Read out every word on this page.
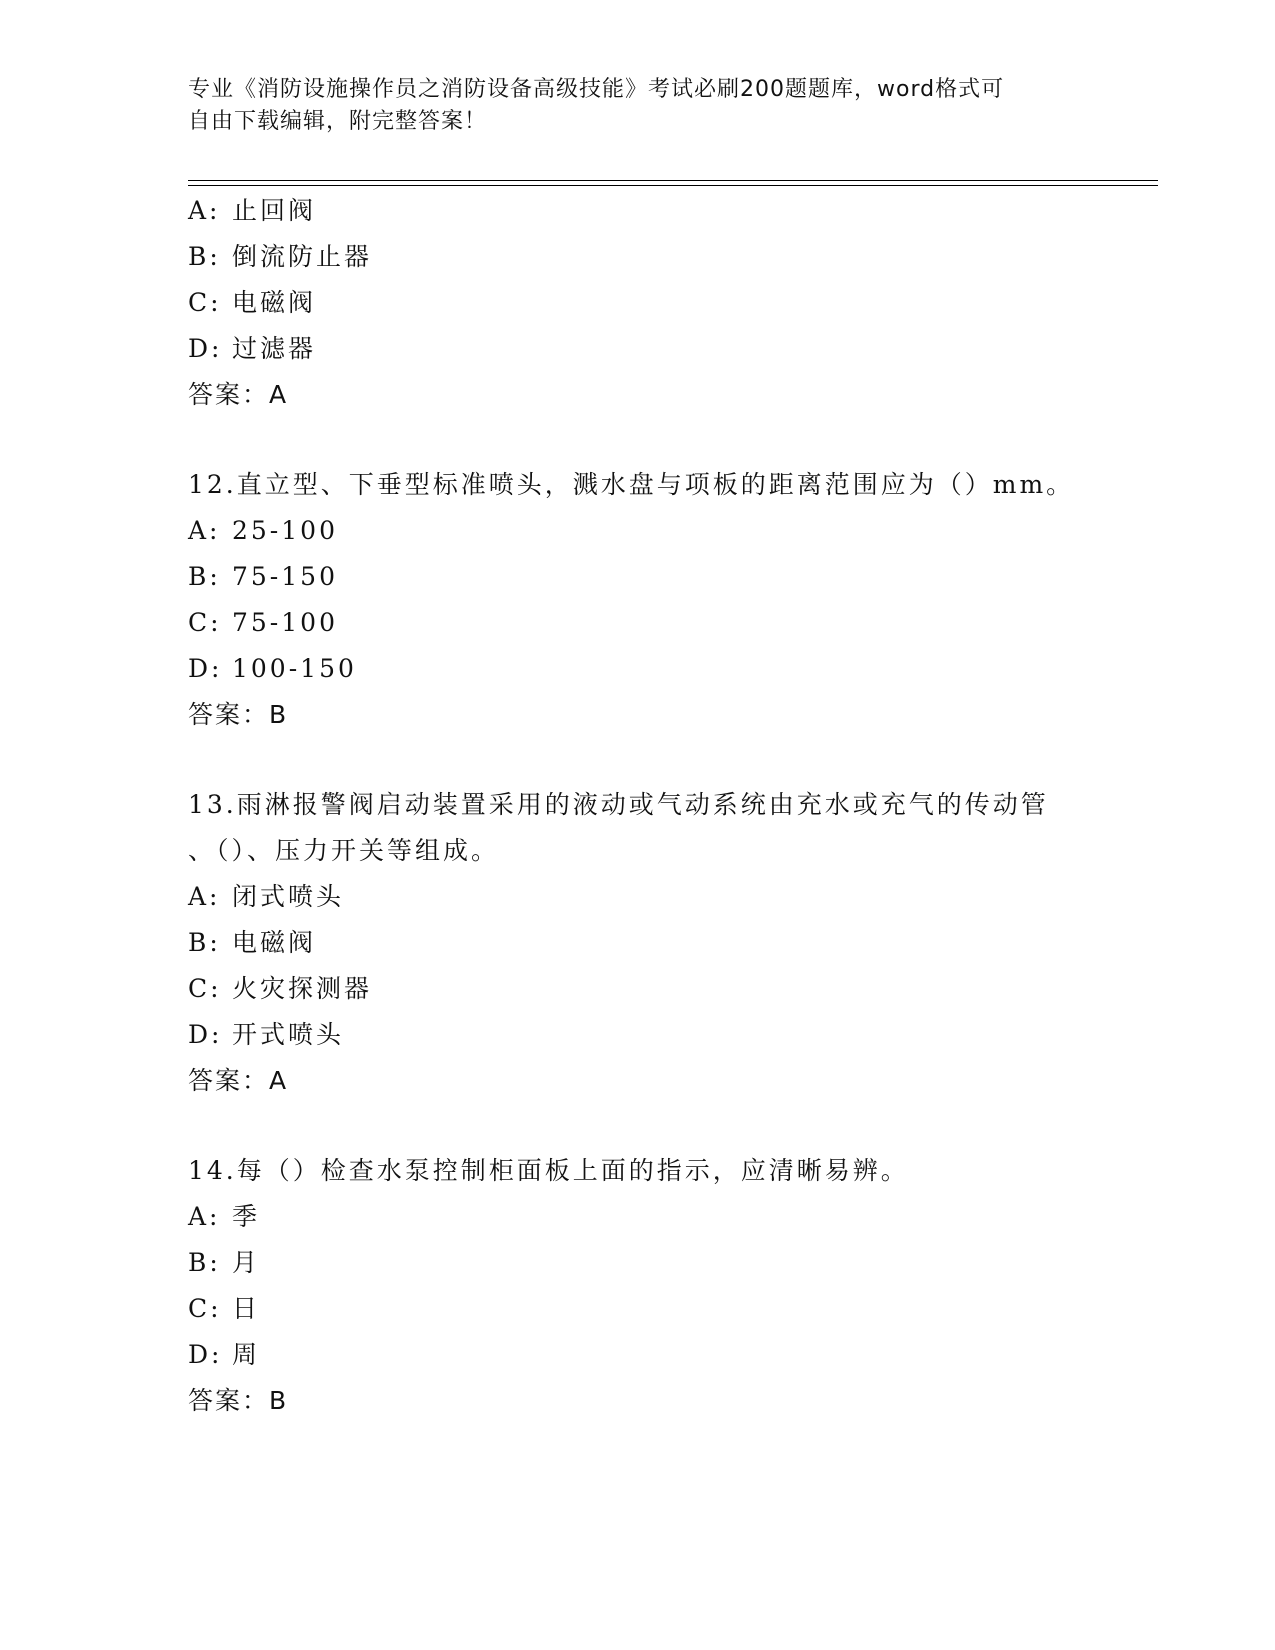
专业《消防设施操作员之消防设备高级技能》考试必刷200题题库，word格式可
自由下载编辑，附完整答案！
A: 止回阀
B: 倒流防止器
C: 电磁阀
D: 过滤器
答案：A
12.直立型、下垂型标准喷头，溅水盘与项板的距离范围应为（）mm。
A: 25-100
B: 75-150
C: 75-100
D: 100-150
答案：B
13.雨淋报警阀启动装置采用的液动或气动系统由充水或充气的传动管
、（）、压力开关等组成。
A: 闭式喷头
B: 电磁阀
C: 火灾探测器
D: 开式喷头
答案：A
14.每（）检查水泵控制柜面板上面的指示，应清晰易辨。
A: 季
B: 月
C: 日
D: 周
答案：B
